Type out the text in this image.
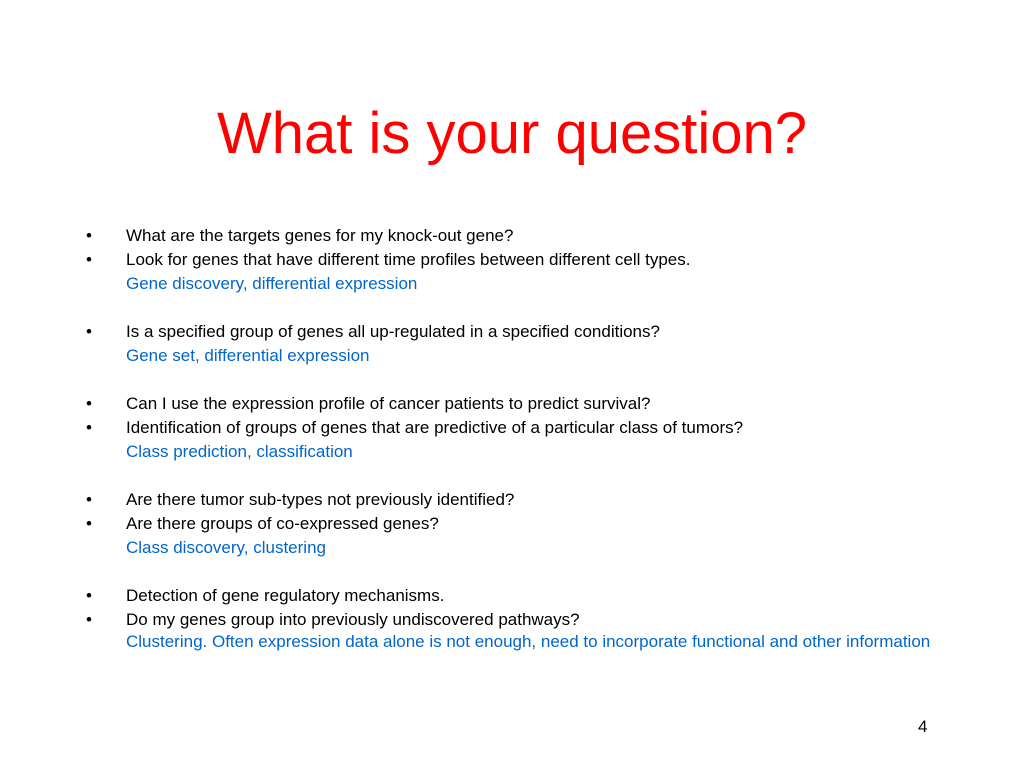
What is your question?
•	What are the targets genes for my knock-out gene?
•	Look for genes that have different time profiles between different cell types.
Gene discovery, differential expression
•	Is a specified group of genes all up-regulated in a specified conditions?
Gene set, differential expression
•	Can I use the expression profile of cancer patients to predict survival?
•	Identification of groups of genes that are predictive of a particular class of tumors?
Class prediction, classification
•	Are there tumor sub-types not previously identified?
•	Are there groups of co-expressed genes?
Class discovery, clustering
•	Detection of gene regulatory mechanisms.
•	Do my genes group into previously undiscovered pathways?
Clustering. Often expression data alone is not enough, need to incorporate functional and other information
4
